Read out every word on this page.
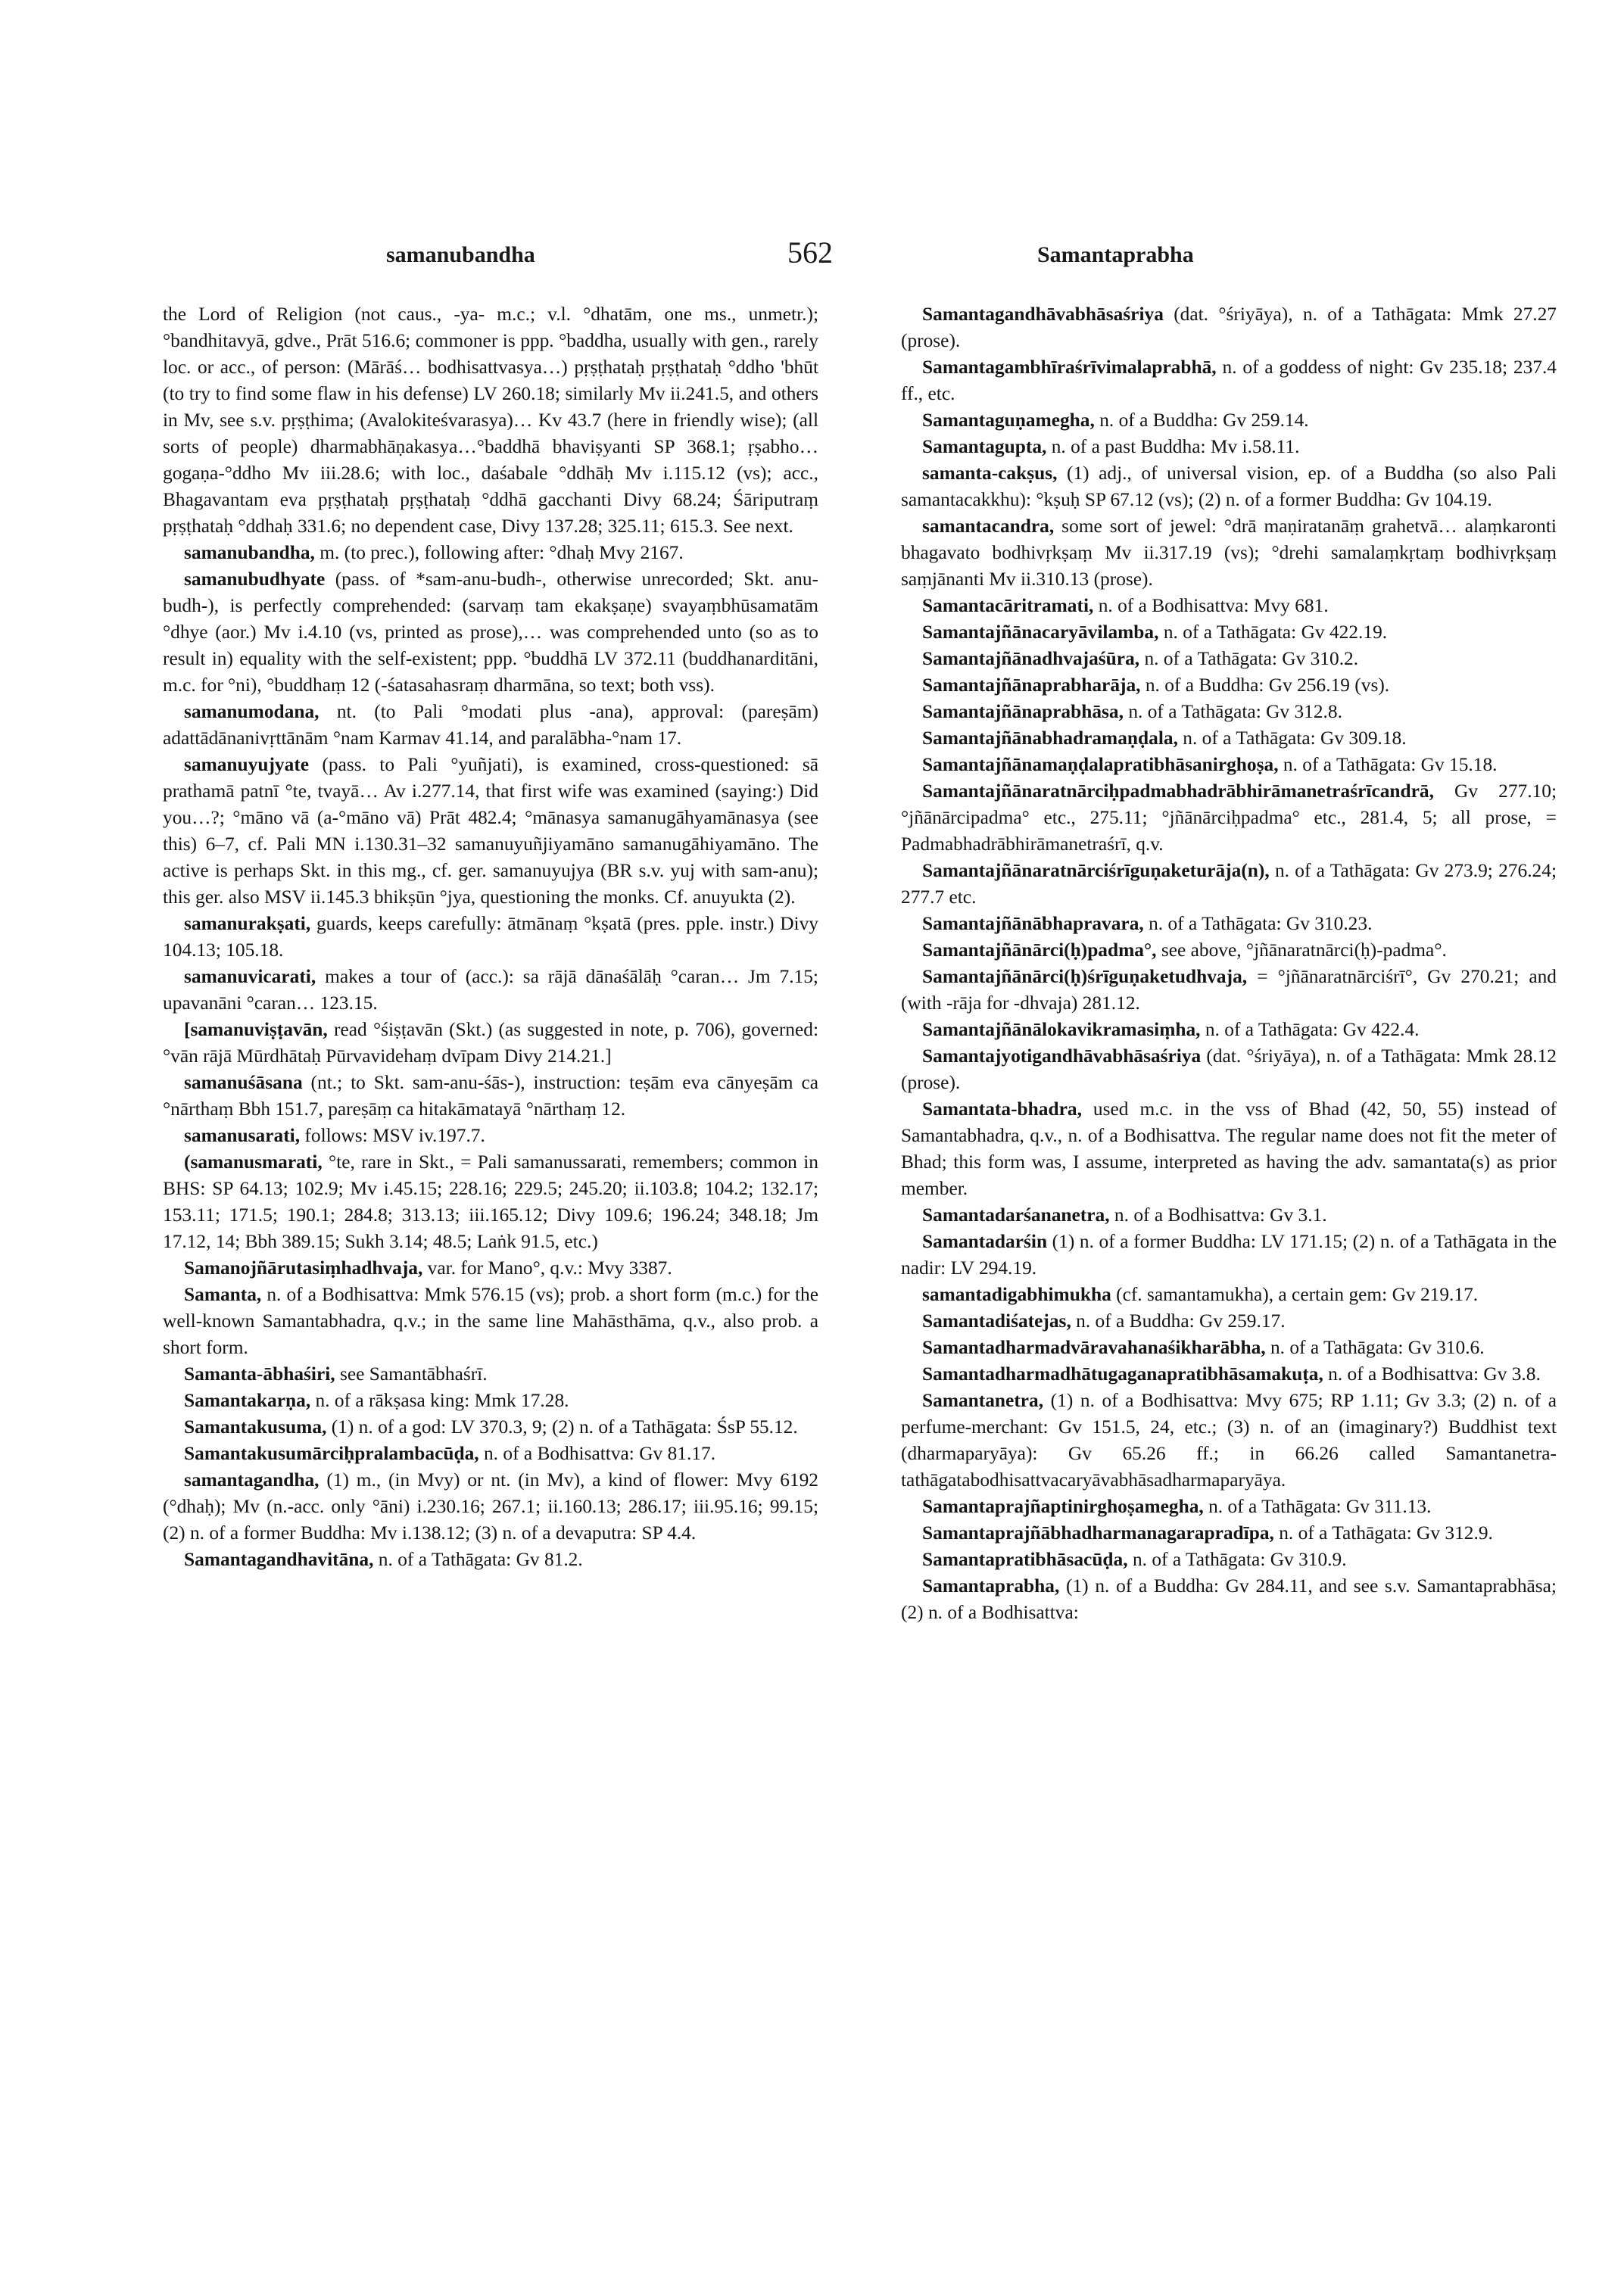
samanubandha	562	Samantaprabha

the Lord of Religion (not caus., -ya- m.c.; v.l. °dhatām, one ms., unmetr.); °bandhitavyā, gdve., Prāt 516.6; commoner is ppp. °baddha, usually with gen., rarely loc. or acc., of person: (Mārāś… bodhisattvasya…) pṛṣṭhataḥ pṛṣṭhataḥ °ddho 'bhūt (to try to find some flaw in his defense) LV 260.18; similarly Mv ii.241.5, and others in Mv, see s.v. pṛṣṭhima; (Avalokiteśvarasya)… Kv 43.7 (here in friendly wise); (all sorts of people) dharmabhāṇakasya…°baddhā bhaviṣyanti SP 368.1; ṛṣabho… gogaṇa-°ddho Mv iii.28.6; with loc., daśabale °ddhāḥ Mv i.115.12 (vs); acc., Bhagavantam eva pṛṣṭhataḥ pṛṣṭhataḥ °ddhā gacchanti Divy 68.24; Śāriputraṃ pṛṣṭhataḥ °ddhaḥ 331.6; no dependent case, Divy 137.28; 325.11; 615.3. See next.

samanubandha, m. (to prec.), following after: °dhaḥ Mvy 2167.

samanubudhyate (pass. of *sam-anu-budh-, otherwise unrecorded; Skt. anu-budh-), is perfectly comprehended: (sarvaṃ tam ekakṣaṇe) svayaṃbhūsamatām °dhye (aor.) Mv i.4.10 (vs, printed as prose),… was comprehended unto (so as to result in) equality with the self-existent; ppp. °buddhā LV 372.11 (buddhanarditāni, m.c. for °ni), °buddhaṃ 12 (-śatasahasraṃ dharmāna, so text; both vss).

samanumodana, nt. (to Pali °modati plus -ana), approval: (pareṣām) adattādānanivṛttānām °nam Karmav 41.14, and paralābha-°nam 17.

samanuyujyate (pass. to Pali °yuñjati), is examined, cross-questioned: sā prathamā patnī °te, tvayā… Av i.277.14, that first wife was examined (saying:) Did you…?; °māno vā (a-°māno vā) Prāt 482.4; °mānasya samanugāhyamānasya (see this) 6–7, cf. Pali MN i.130.31–32 samanuyuñjiyamāno samanugāhiyamāno. The active is perhaps Skt. in this mg., cf. ger. samanuyujya (BR s.v. yuj with sam-anu); this ger. also MSV ii.145.3 bhikṣūn °jya, questioning the monks. Cf. anuyukta (2).

samanurakṣati, guards, keeps carefully: ātmānaṃ °kṣatā (pres. pple. instr.) Divy 104.13; 105.18.

samanuvicarati, makes a tour of (acc.): sa rājā dānaśālāḥ °caran… Jm 7.15; upavanāni °caran… 123.15.

[samanuviṣṭavān, read °śiṣṭavān (Skt.) (as suggested in note, p. 706), governed: °vān rājā Mūrdhātaḥ Pūrvavidehaṃ dvīpam Divy 214.21.]

samanuśāsana (nt.; to Skt. sam-anu-śās-), instruction: teṣām eva cānyeṣām ca °nārthaṃ Bbh 151.7, pareṣāṃ ca hitakāmatayā °nārthaṃ 12.

samanusarati, follows: MSV iv.197.7.

(samanusmarati, °te, rare in Skt., = Pali samanussarati, remembers; common in BHS: SP 64.13; 102.9; Mv i.45.15; 228.16; 229.5; 245.20; ii.103.8; 104.2; 132.17; 153.11; 171.5; 190.1; 284.8; 313.13; iii.165.12; Divy 109.6; 196.24; 348.18; Jm 17.12, 14; Bbh 389.15; Sukh 3.14; 48.5; Laṅk 91.5, etc.)

Samanojñārutasiṃhadhvaja, var. for Mano°, q.v.: Mvy 3387.

Samanta, n. of a Bodhisattva: Mmk 576.15 (vs); prob. a short form (m.c.) for the well-known Samantabhadra, q.v.; in the same line Mahāsthāma, q.v., also prob. a short form.

Samanta-ābhaśiri, see Samantābhaśrī.

Samantakarṇa, n. of a rākṣasa king: Mmk 17.28.

Samantakusuma, (1) n. of a god: LV 370.3, 9; (2) n. of a Tathāgata: ŚsP 55.12.

Samantakusumārciḥpralambacūḍa, n. of a Bodhisattva: Gv 81.17.

samantagandha, (1) m., (in Mvy) or nt. (in Mv), a kind of flower: Mvy 6192 (°dhaḥ); Mv (n.-acc. only °āni) i.230.16; 267.1; ii.160.13; 286.17; iii.95.16; 99.15; (2) n. of a former Buddha: Mv i.138.12; (3) n. of a devaputra: SP 4.4.

Samantagandhavitāna, n. of a Tathāgata: Gv 81.2.

Samantagandhāvabhāsaśriya (dat. °śriyāya), n. of a Tathāgata: Mmk 27.27 (prose).

Samantagambhīraśrīvimalaprabhā, n. of a goddess of night: Gv 235.18; 237.4 ff., etc.

Samantaguṇamegha, n. of a Buddha: Gv 259.14.

Samantagupta, n. of a past Buddha: Mv i.58.11.

samanta-cakṣus, (1) adj., of universal vision, ep. of a Buddha (so also Pali samantacakkhu): °kṣuḥ SP 67.12 (vs); (2) n. of a former Buddha: Gv 104.19.

samantacandra, some sort of jewel: °drā maṇiratanāṃ grahetvā… alaṃkaronti bhagavato bodhivṛkṣaṃ Mv ii.317.19 (vs); °drehi samalaṃkṛtaṃ bodhivṛkṣaṃ saṃjānanti Mv ii.310.13 (prose).

Samantacāritramati, n. of a Bodhisattva: Mvy 681.

Samantajñānacaryāvilamba, n. of a Tathāgata: Gv 422.19.

Samantajñānadhvajaśūra, n. of a Tathāgata: Gv 310.2.

Samantajñānaprabharāja, n. of a Buddha: Gv 256.19 (vs).

Samantajñānaprabhāsa, n. of a Tathāgata: Gv 312.8.

Samantajñānabhadramaṇḍala, n. of a Tathāgata: Gv 309.18.

Samantajñānamaṇḍalapratibhāsanirghoṣa, n. of a Tathāgata: Gv 15.18.

Samantajñānaratnārciḥpadmabhadrābhirāmanetraśrīcandrā, Gv 277.10; °jñānārcipadma° etc., 275.11; °jñānārciḥpadma° etc., 281.4, 5; all prose, = Padmabhadrābhirāmanetraśrī, q.v.

Samantajñānaratnārciśrīguṇaketurāja(n), n. of a Tathāgata: Gv 273.9; 276.24; 277.7 etc.

Samantajñānābhapravara, n. of a Tathāgata: Gv 310.23.

Samantajñānārci(ḥ)padma°, see above, °jñānaratnārci(ḥ)-padma°.

Samantajñānārci(ḥ)śrīguṇaketudhvaja, = °jñānaratnārciśrī°, Gv 270.21; and (with -rāja for -dhvaja) 281.12.

Samantajñānālokavikramasiṃha, n. of a Tathāgata: Gv 422.4.

Samantajyotigandhāvabhāsaśriya (dat. °śriyāya), n. of a Tathāgata: Mmk 28.12 (prose).

Samantata-bhadra, used m.c. in the vss of Bhad (42, 50, 55) instead of Samantabhadra, q.v., n. of a Bodhisattva. The regular name does not fit the meter of Bhad; this form was, I assume, interpreted as having the adv. samantata(s) as prior member.

Samantadarśananetra, n. of a Bodhisattva: Gv 3.1.

Samantadarśin (1) n. of a former Buddha: LV 171.15; (2) n. of a Tathāgata in the nadir: LV 294.19.

samantadigabhimukha (cf. samantamukha), a certain gem: Gv 219.17.

Samantadiśatejas, n. of a Buddha: Gv 259.17.

Samantadharmadvāravahanaśikharābha, n. of a Tathāgata: Gv 310.6.

Samantadharmadhātugaganapratibhāsamakuṭa, n. of a Bodhisattva: Gv 3.8.

Samantanetra, (1) n. of a Bodhisattva: Mvy 675; RP 1.11; Gv 3.3; (2) n. of a perfume-merchant: Gv 151.5, 24, etc.; (3) n. of an (imaginary?) Buddhist text (dharmaparyāya): Gv 65.26 ff.; in 66.26 called Samantanetra-tathāgatabodhisattvacaryāvabhāsadharmaparyāya.

Samantaprajñaptinirghoṣamegha, n. of a Tathāgata: Gv 311.13.

Samantaprajñābhadharmanagarapradīpa, n. of a Tathāgata: Gv 312.9.

Samantapratibhāsacūḍa, n. of a Tathāgata: Gv 310.9.

Samantaprabha, (1) n. of a Buddha: Gv 284.11, and see s.v. Samantaprabhāsa; (2) n. of a Bodhisattva:
